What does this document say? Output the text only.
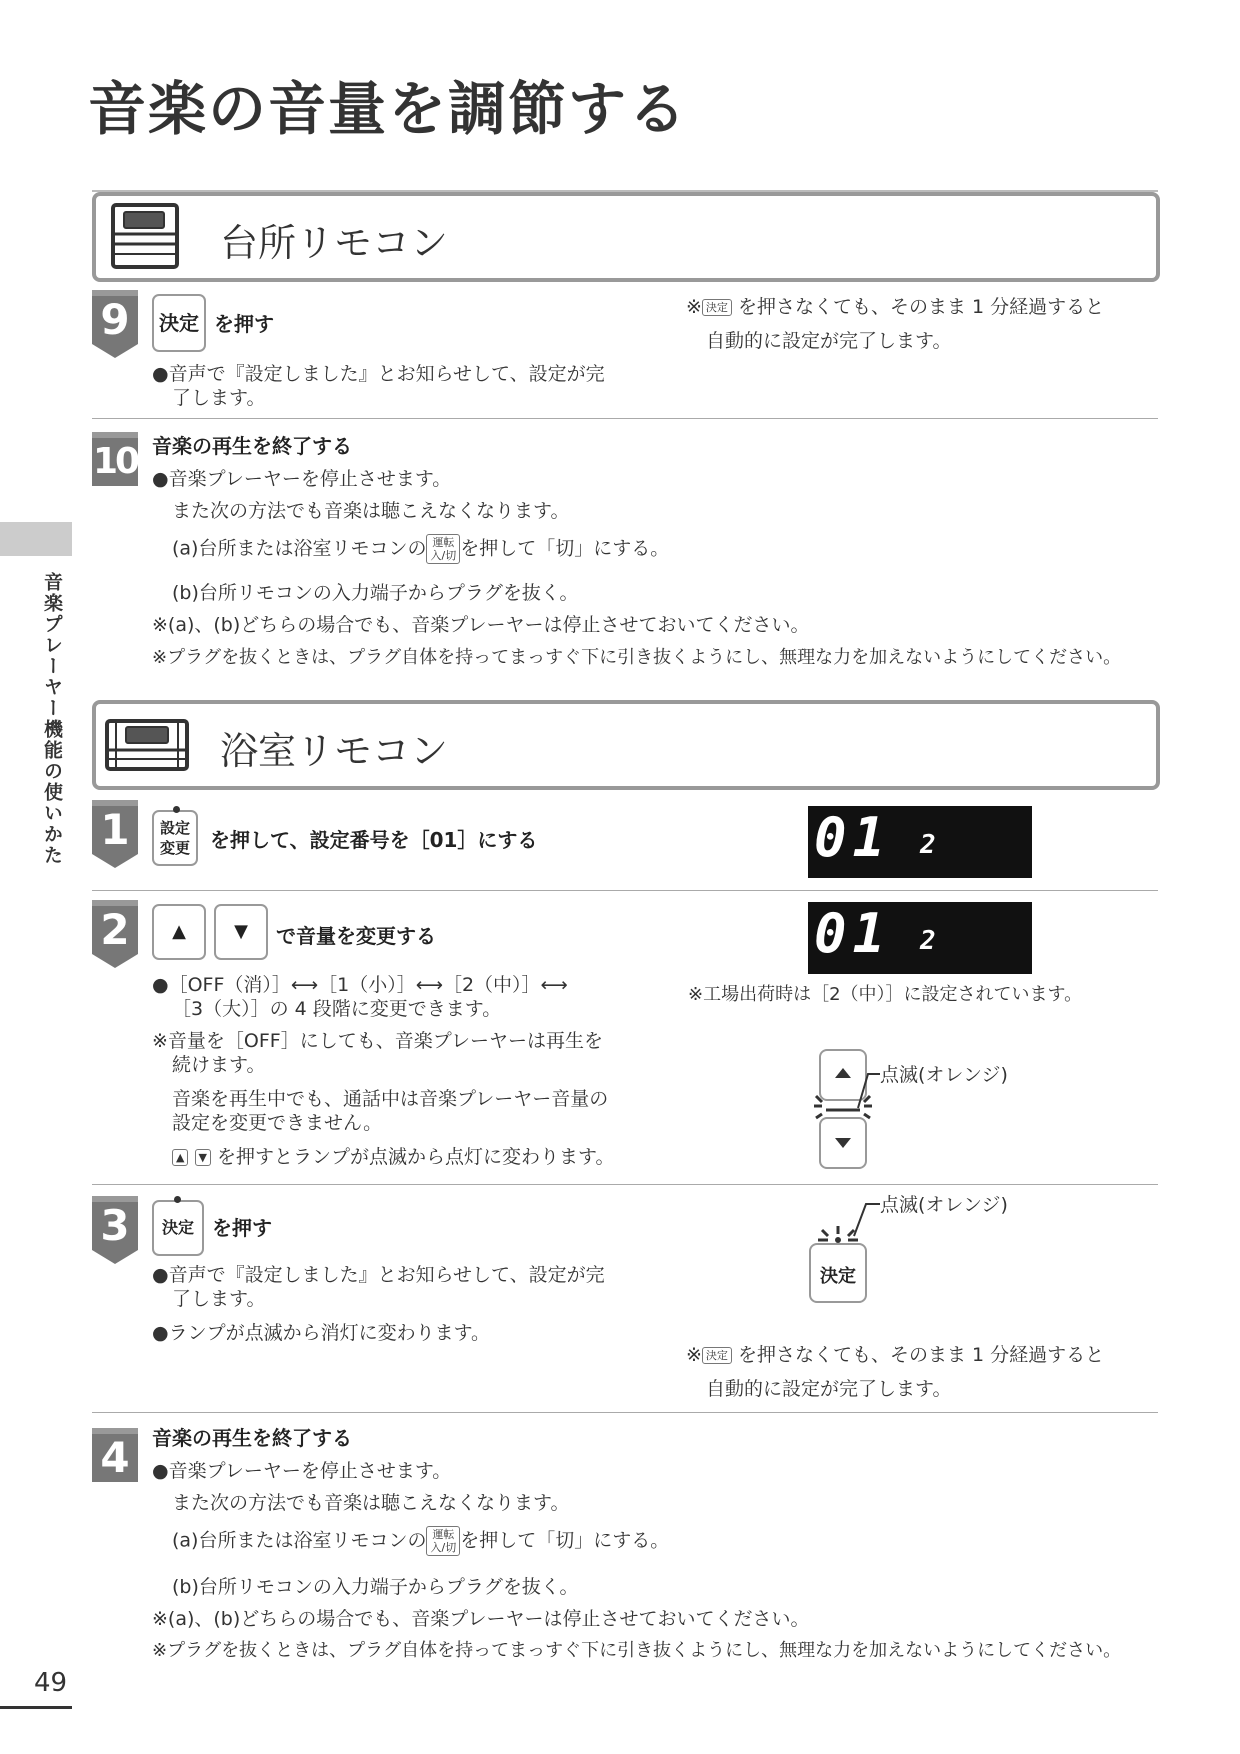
音楽の音量を調節する
音楽プレーヤー機能の使いかた
台所リモコン
9	決定 を押す
●音声で『設定しました』とお知らせして、設定が完
了します。
※ 決定 を押さなくても、そのまま 1 分経過すると
自動的に設定が完了します。
10 音楽の再生を終了する
●音楽プレーヤーを停止させます。
また次の方法でも音楽は聴こえなくなります。
(a)台所または浴室リモコンの 運転
入/切 を押して「切」にする。
(b)台所リモコンの入力端子からプラグを抜く。
※(a)、(b)どちらの場合でも、音楽プレーヤーは停止させておいてください。
※プラグを抜くときは、プラグ自体を持ってまっすぐ下に引き抜くようにし、無理な力を加えないようにしてください。
浴室リモコン
1	設定
変更	を押して、設定番号を［01］にする	01 2
2	▲	▼	で音量を変更する	01 2
※工場出荷時は［2（中）］に設定されています。
●［OFF（消）］⟷［1（小）］⟷［2（中）］⟷
［3（大）］の 4 段階に変更できます。
※音量を［OFF］にしても、音楽プレーヤーは再生を
続けます。
音楽を再生中でも、通話中は音楽プレーヤー音量の
設定を変更できません。
▲ ▼ を押すとランプが点滅から点灯に変わります。
点滅(オレンジ)
3	決定 を押す
●音声で『設定しました』とお知らせして、設定が完
了します。
●ランプが点滅から消灯に変わります。
決定
点滅(オレンジ)
※ 決定 を押さなくても、そのまま 1 分経過すると
自動的に設定が完了します。
4	音楽の再生を終了する
●音楽プレーヤーを停止させます。
また次の方法でも音楽は聴こえなくなります。
(a)台所または浴室リモコンの 運転
入/切 を押して「切」にする。
(b)台所リモコンの入力端子からプラグを抜く。
※(a)、(b)どちらの場合でも、音楽プレーヤーは停止させておいてください。
※プラグを抜くときは、プラグ自体を持ってまっすぐ下に引き抜くようにし、無理な力を加えないようにしてください。
49
